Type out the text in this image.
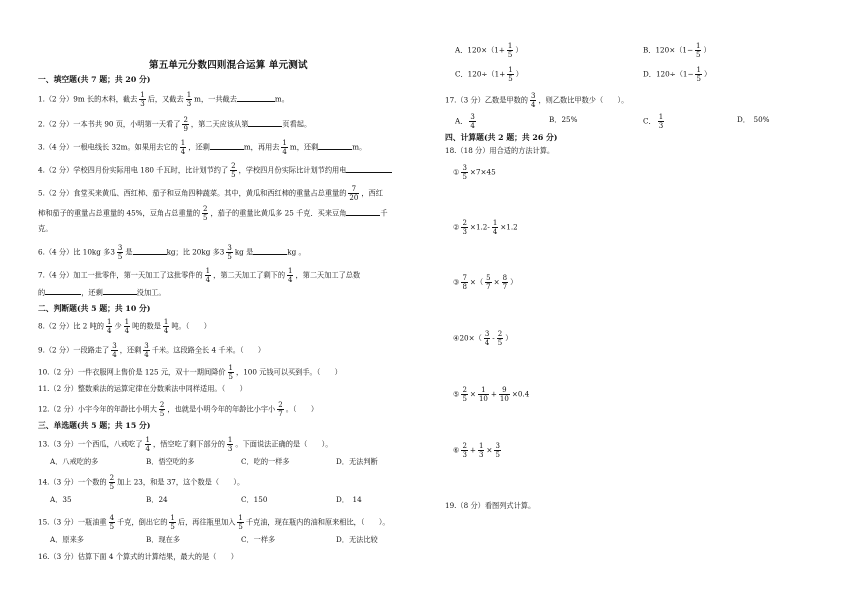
第五单元分数四则混合运算 单元测试
一、填空题(共 7 题；共 20 分)
1.（2 分）9m 长的木料，截去 $\frac{1}{3}$ 后，又截去 $\frac{1}{3}$ m，一共截去	m。
2.（2 分）一本书共 90 页，小明第一天看了 $\frac{2}{9}$ ，第二天应该从第	页看起。
3.（4 分）一根电线长 32m。如果用去它的 $\frac{1}{4}$ ，还剩	m，再用去 $\frac{1}{4}$ m，还剩	m。
4.（2 分）学校四月份实际用电 180 千瓦时，比计划节约了 $\frac{2}{5}$ ，学校四月份实际比计划节约用电
5.（2 分）食堂买来黄瓜、西红柿、茄子和豆角四种蔬菜。其中，黄瓜和西红柿的重量占总重量的 $\frac{7}{20}$ ，西红
柿和茄子的重量占总重量的 45%，豆角占总重量的 $\frac{2}{5}$ ，茄子的重量比黄瓜多 25 千克．买来豆角	千
克。
6.（4 分）比 10kg 多$3 \frac{3}{5}$ 是	kg；比 20kg 多$3 \frac{3}{5}$ kg 是	kg 。
7.（4 分）加工一批零件，第一天加工了这批零件的 $\frac{1}{4}$ ，第二天加工了剩下的 $\frac{1}{4}$ ，第二天加工了总数
的	，还剩	没加工。
二、判断题(共 5 题；共 10 分)
8.（2 分）比 2 吨的 $\frac{1}{4}$ 少 $\frac{1}{4}$ 吨的数是 $\frac{1}{4}$ 吨。（　　）
9.（2 分）一段路走了 $\frac{3}{4}$ ，还剩 $\frac{3}{4}$ 千米。这段路全长 4 千米。（　　）
10.（2 分）一件衣服网上售价是 125 元，双十一期间降价 $\frac{1}{5}$ ，100 元钱可以买到手。（　　）
11.（2 分）整数乘法的运算定律在分数乘法中同样适用。（　　）
12.（2 分）小宇今年的年龄比小明大 $\frac{2}{5}$ ，也就是小明今年的年龄比小宇小 $\frac{2}{7}$ 。（　　）
三、单选题(共 5 题；共 15 分)
13.（3 分）一个西瓜，八戒吃了 $\frac{1}{4}$ ，悟空吃了剩下部分的 $\frac{1}{3}$ 。下面说法正确的是（　　）。
A．八戒吃的多	B．悟空吃的多	C．吃的一样多	D．无法判断
14.（3 分）一个数的 $\frac{2}{5}$ 加上 23，和是 37，这个数是（　　）。
A．35	B．24	C．150	D．　14
15.（3 分）一瓶油重 $\frac{4}{5}$ 千克，倒出它的 $\frac{1}{5}$ 后，再往瓶里加入 $\frac{1}{5}$ 千克油，现在瓶内的油和原来相比，（　　）。
A．原来多	B．现在多	C．一样多	D．无法比较
16.（3 分）估算下面 4 个算式的计算结果，最大的是（　　）
A．$120\times(1+ \frac{1}{5}$ ）	B．$120\times(1- \frac{1}{5}$ ）
C．$120\div(1+ \frac{1}{5}$ ）	D．$120\div(1- \frac{1}{5}$ ）
17.（3 分）乙数是甲数的 $\frac{3}{4}$ ，则乙数比甲数少（　　）。
A． $\frac{3}{4}$	B．25%	C． $\frac{1}{3}$	D．　50%
四、计算题(共 2 题；共 26 分)
18.（18 分）用合适的方法计算。
① $\frac{3}{5} \times 7\times 45$
② $\frac{2}{3} \times 1.2- \frac{1}{4} \times 1.2$
③ $\frac{7}{8}$ ×（ $\frac{5}{7} \times \frac{8}{7}$ ）
④20×（ $\frac{3}{4} - \frac{2}{5}$ ）
⑤ $\frac{2}{5} \times \frac{1}{10} + \frac{9}{10} \times 0.4$
⑥ $\frac{2}{3} + \frac{1}{3} \times \frac{3}{5}$
19.（8 分）看图列式计算。
